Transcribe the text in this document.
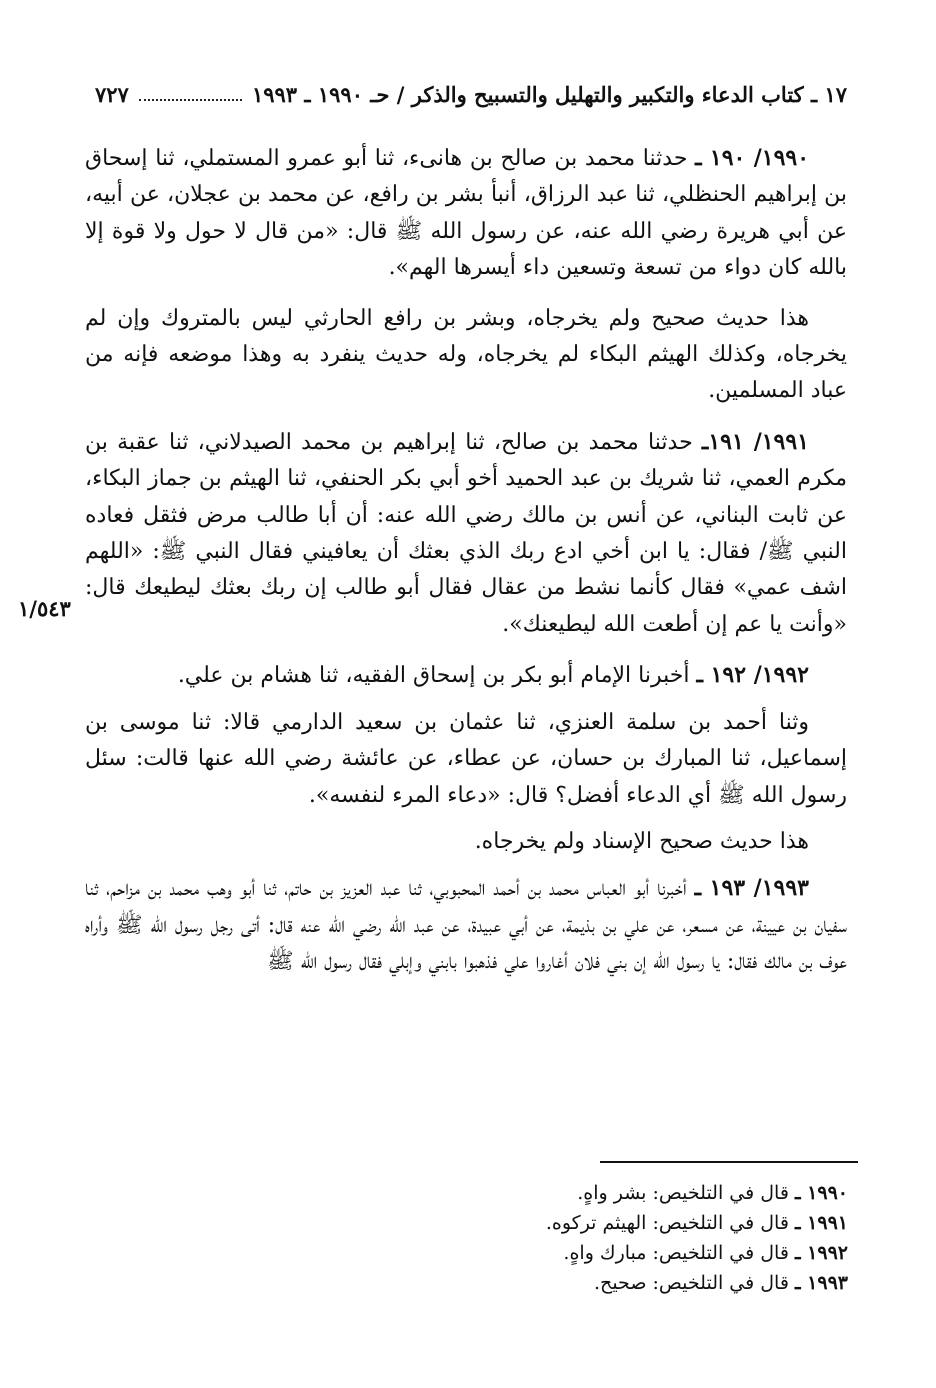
١٧ ـ كتاب الدعاء والتكبير والتهليل والتسبيح والذكر / حـ ١٩٩٠ ـ ١٩٩٣
٧٢٧

١٩٩٠/ ١٩٠ ـ حدثنا محمد بن صالح بن هانىء، ثنا أبو عمرو المستملي، ثنا إسحاق بن إبراهيم الحنظلي، ثنا عبد الرزاق، أنبأ بشر بن رافع، عن محمد بن عجلان، عن أبيه، عن أبي هريرة رضي الله عنه، عن رسول الله ﷺ قال: «من قال لا حول ولا قوة إلا بالله كان دواء من تسعة وتسعين داء أيسرها الهم».

هذا حديث صحيح ولم يخرجاه، وبشر بن رافع الحارثي ليس بالمتروك وإن لم يخرجاه، وكذلك الهيثم البكاء لم يخرجاه، وله حديث ينفرد به وهذا موضعه فإنه من عباد المسلمين.

١٩٩١/ ١٩١ـ حدثنا محمد بن صالح، ثنا إبراهيم بن محمد الصيدلاني، ثنا عقبة بن مكرم العمي، ثنا شريك بن عبد الحميد أخو أبي بكر الحنفي، ثنا الهيثم بن جماز البكاء، عن ثابت البناني، عن أنس بن مالك رضي الله عنه: أن أبا طالب مرض فثقل فعاده النبي ﷺ/ فقال: يا ابن أخي ادع ربك الذي بعثك أن يعافيني فقال النبي ﷺ: «اللهم اشف عمي» فقال كأنما نشط من عقال فقال أبو طالب إن ربك بعثك ليطيعك قال: «وأنت يا عم إن أطعت الله ليطيعنك».

١٩٩٢/ ١٩٢ ـ أخبرنا الإمام أبو بكر بن إسحاق الفقيه، ثنا هشام بن علي.

وثنا أحمد بن سلمة العنزي، ثنا عثمان بن سعيد الدارمي قالا: ثنا موسى بن إسماعيل، ثنا المبارك بن حسان، عن عطاء، عن عائشة رضي الله عنها قالت: سئل رسول الله ﷺ أي الدعاء أفضل؟ قال: «دعاء المرء لنفسه».

هذا حديث صحيح الإسناد ولم يخرجاه.

١٩٩٣/ ١٩٣ ـ أخبرنا أبو العباس محمد بن أحمد المحبوبي، ثنا عبد العزيز بن حاتم، ثنا أبو وهب محمد بن مزاحم، ثنا سفيان بن عيينة، عن مسعر، عن علي بن بذيمة، عن أبي عبيدة، عن عبد الله رضي الله عنه قال: أتى رجل رسول الله ﷺ وأراه عوف بن مالك فقال: يا رسول الله إن بني فلان أغاروا علي فذهبوا بابني وإبلي فقال رسول الله ﷺ

١/٥٤٣

١٩٩٠ ـ قال في التلخيص: بشر واهٍ.

١٩٩١ ـ قال في التلخيص: الهيثم تركوه.

١٩٩٢ ـ قال في التلخيص: مبارك واهٍ.

١٩٩٣ ـ قال في التلخيص: صحيح.
